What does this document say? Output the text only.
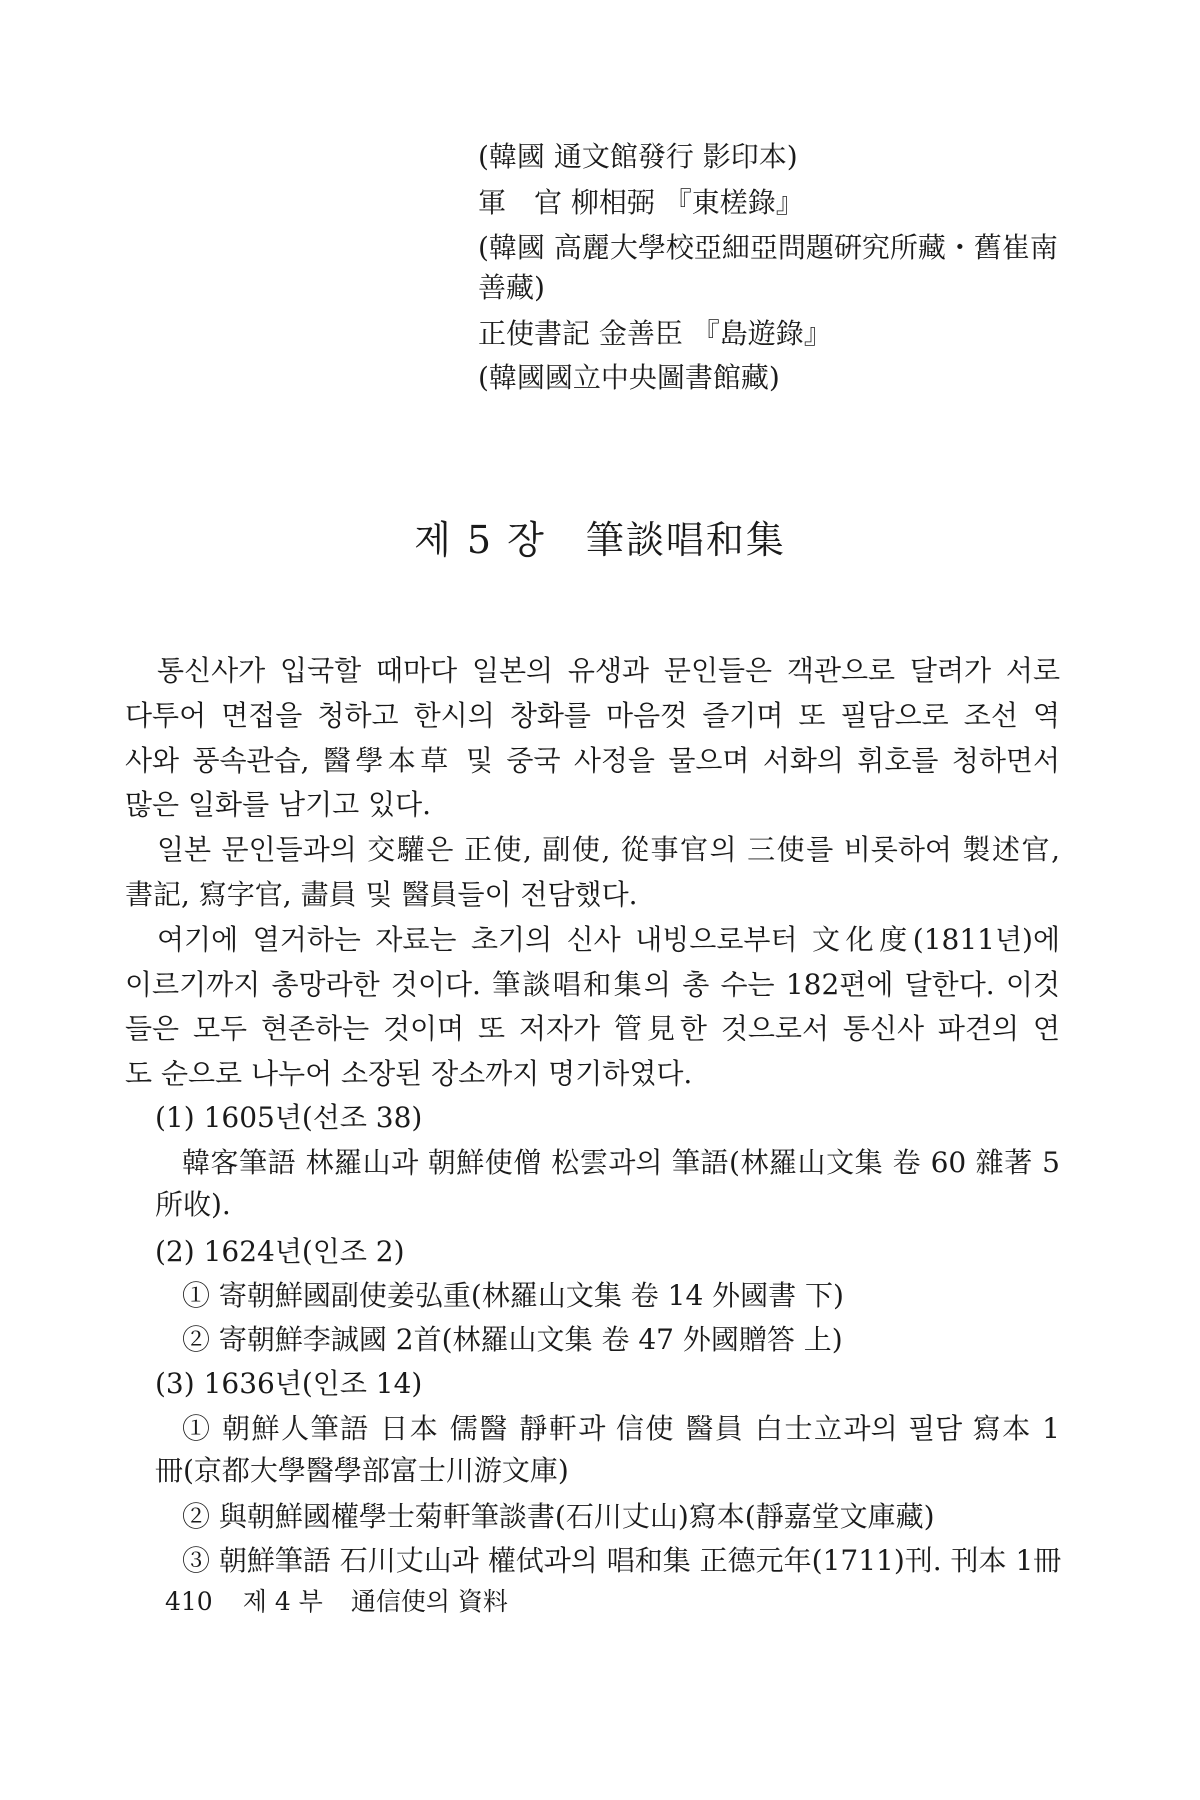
(韓國 通文館發行 影印本)
軍　官 柳相弼 『東槎錄』
(韓國 高麗大學校亞細亞問題硏究所藏・舊崔南
善藏)
正使書記 金善臣 『島遊錄』
(韓國國立中央圖書館藏)
제 5 장 筆談唱和集
통신사가 입국할 때마다 일본의 유생과 문인들은 객관으로 달려가 서로
다투어 면접을 청하고 한시의 창화를 마음껏 즐기며 또 필담으로 조선 역
사와 풍속관습, 醫學本草 및 중국 사정을 물으며 서화의 휘호를 청하면서
많은 일화를 남기고 있다.
일본 문인들과의 交驩은 正使, 副使, 從事官의 三使를 비롯하여 製述官,
書記, 寫字官, 畵員 및 醫員들이 전담했다.
여기에 열거하는 자료는 초기의 신사 내빙으로부터 文化度(1811년)에
이르기까지 총망라한 것이다. 筆談唱和集의 총 수는 182편에 달한다. 이것
들은 모두 현존하는 것이며 또 저자가 管見한 것으로서 통신사 파견의 연
도 순으로 나누어 소장된 장소까지 명기하였다.
(1) 1605년(선조 38)
韓客筆語 林羅山과 朝鮮使僧 松雲과의 筆語(林羅山文集 卷 60 雜著 5
所收).
(2) 1624년(인조 2)
① 寄朝鮮國副使姜弘重(林羅山文集 卷 14 外國書 下)
② 寄朝鮮李誠國 2首(林羅山文集 卷 47 外國贈答 上)
(3) 1636년(인조 14)
① 朝鮮人筆語 日本 儒醫 靜軒과 信使 醫員 白士立과의 필담 寫本 1
冊(京都大學醫學部富士川游文庫)
② 與朝鮮國權學士菊軒筆談書(石川丈山)寫本(靜嘉堂文庫藏)
③ 朝鮮筆語 石川丈山과 權侙과의 唱和集 正德元年(1711)刊. 刊本 1冊
410 제 4 부 通信使의 資料
